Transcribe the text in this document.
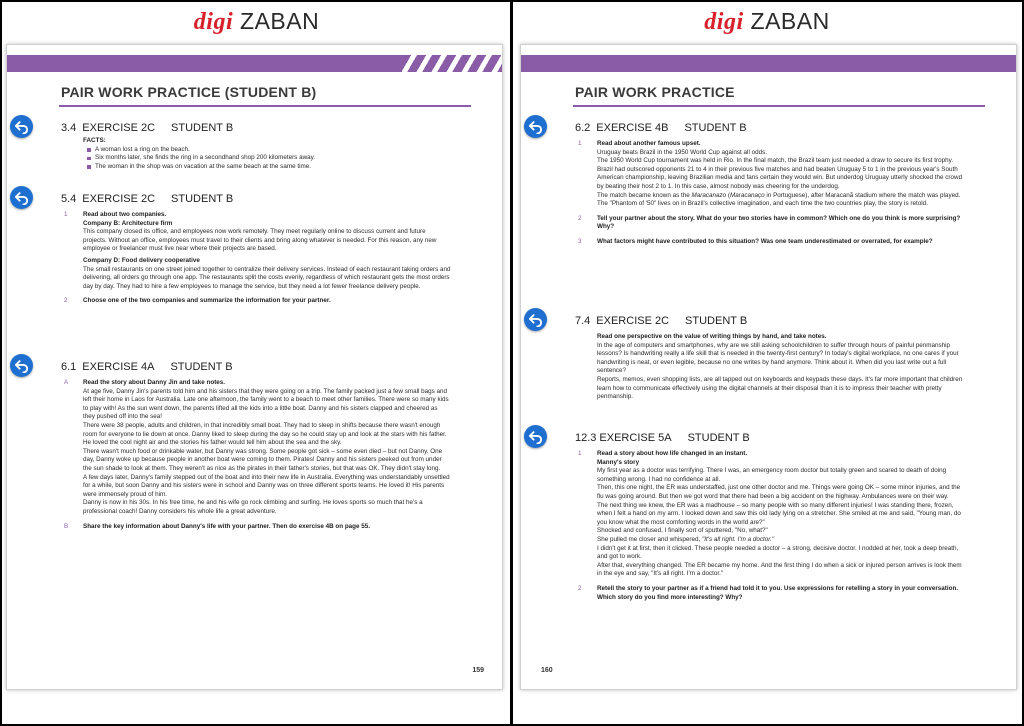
digi ZABAN	digi ZABAN
PAIR WORK PRACTICE (STUDENT B)
3.4 EXERCISE 2C STUDENT B
FACTS:
A woman lost a ring on the beach.
Six months later, she finds the ring in a secondhand shop 200 kilometers away.
The woman in the shop was on vacation at the same beach at the same time.
5.4 EXERCISE 2C STUDENT B
1 Read about two companies.
Company B: Architecture firm
This company closed its office, and employees now work remotely. They meet regularly online to discuss current and future projects. Without an office, employees must travel to their clients and bring along whatever is needed. For this reason, any new employee or freelancer must live near where their projects are based.
Company D: Food delivery cooperative
The small restaurants on one street joined together to centralize their delivery services. Instead of each restaurant taking orders and delivering, all orders go through one app. The restaurants split the costs evenly, regardless of which restaurant gets the most orders day by day. They had to hire a few employees to manage the service, but they need a lot fewer freelance delivery people.
2 Choose one of the two companies and summarize the information for your partner.
6.1 EXERCISE 4A STUDENT B
A Read the story about Danny Jin and take notes.
At age five, Danny Jin's parents told him and his sisters that they were going on a trip. The family packed just a few small bags and left their home in Laos for Australia. Late one afternoon, the family went to a beach to meet other families. There were so many kids to play with! As the sun went down, the parents lifted all the kids into a little boat. Danny and his sisters clapped and cheered as they pushed off into the sea!
There were 38 people, adults and children, in that incredibly small boat. They had to sleep in shifts because there wasn't enough room for everyone to lie down at once. Danny liked to sleep during the day so he could stay up and look at the stars with his father. He loved the cool night air and the stories his father would tell him about the sea and the sky.
There wasn't much food or drinkable water, but Danny was strong. Some people got sick – some even died – but not Danny. One day, Danny woke up because people in another boat were coming to them. Pirates! Danny and his sisters peeked out from under the sun shade to look at them. They weren't as nice as the pirates in their father's stories, but that was OK. They didn't stay long.
A few days later, Danny's family stepped out of the boat and into their new life in Australia. Everything was understandably unsettled for a while, but soon Danny and his sisters were in school and Danny was on three different sports teams. He loved it! His parents were immensely proud of him.
Danny is now in his 30s. In his free time, he and his wife go rock climbing and surfing. He loves sports so much that he's a professional coach! Danny considers his whole life a great adventure.
B Share the key information about Danny's life with your partner. Then do exercise 4B on page 55.
159
PAIR WORK PRACTICE
6.2 EXERCISE 4B STUDENT B
1 Read about another famous upset.
Uruguay beats Brazil in the 1950 World Cup against all odds.
The 1950 World Cup tournament was held in Rio. In the final match, the Brazil team just needed a draw to secure its first trophy. Brazil had outscored opponents 21 to 4 in their previous five matches and had beaten Uruguay 5 to 1 in the previous year's South American championship, leaving Brazilian media and fans certain they would win. But underdog Uruguay utterly shocked the crowd by beating their host 2 to 1. In this case, almost nobody was cheering for the underdog.
The match became known as the Maracanazo (Maracanaço in Portuguese), after Maracanã stadium where the match was played. The "Phantom of '50" lives on in Brazil's collective imagination, and each time the two countries play, the story is retold.
2 Tell your partner about the story. What do your two stories have in common? Which one do you think is more surprising? Why?
3 What factors might have contributed to this situation? Was one team underestimated or overrated, for example?
7.4 EXERCISE 2C STUDENT B
Read one perspective on the value of writing things by hand, and take notes.
In the age of computers and smartphones, why are we still asking schoolchildren to suffer through hours of painful penmanship lessons? Is handwriting really a life skill that is needed in the twenty-first century? In today's digital workplace, no one cares if your handwriting is neat, or even legible, because no one writes by hand anymore. Think about it. When did you last write out a full sentence?
Reports, memos, even shopping lists, are all tapped out on keyboards and keypads these days. It's far more important that children learn how to communicate effectively using the digital channels at their disposal than it is to impress their teacher with pretty penmanship.
12.3 EXERCISE 5A STUDENT B
1 Read a story about how life changed in an instant.
Manny's story
My first year as a doctor was terrifying. There I was, an emergency room doctor but totally green and scared to death of doing something wrong. I had no confidence at all.
Then, this one night, the ER was understaffed, just one other doctor and me. Things were going OK – some minor injuries, and the flu was going around. But then we got word that there had been a big accident on the highway. Ambulances were on their way.
The next thing we knew, the ER was a madhouse – so many people with so many different injuries! I was standing there, frozen, when I felt a hand on my arm. I looked down and saw this old lady lying on a stretcher. She smiled at me and said, "Young man, do you know what the most comforting words in the world are?"
Shocked and confused, I finally sort of sputtered, "No, what?"
She pulled me closer and whispered, "It's all right. I'm a doctor."
I didn't get it at first, then it clicked. These people needed a doctor – a strong, decisive doctor. I nodded at her, took a deep breath, and got to work.
After that, everything changed. The ER became my home. And the first thing I do when a sick or injured person arrives is look them in the eye and say, "It's all right. I'm a doctor."
2 Retell the story to your partner as if a friend had told it to you. Use expressions for retelling a story in your conversation. Which story do you find more interesting? Why?
160
